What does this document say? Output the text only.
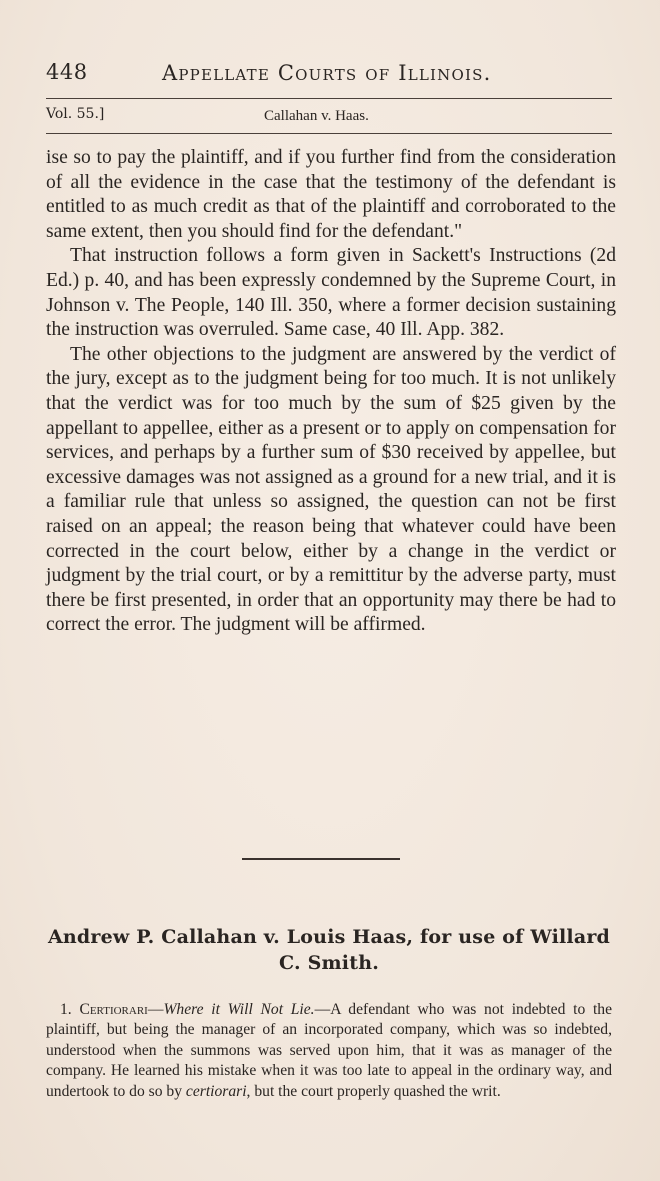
448	Appellate Courts of Illinois.
Vol. 55.]	Callahan v. Haas.

ise so to pay the plaintiff, and if you further find from the consideration of all the evidence in the case that the testimony of the defendant is entitled to as much credit as that of the plaintiff and corroborated to the same extent, then you should find for the defendant."

That instruction follows a form given in Sackett's Instructions (2d Ed.) p. 40, and has been expressly condemned by the Supreme Court, in Johnson v. The People, 140 Ill. 350, where a former decision sustaining the instruction was overruled. Same case, 40 Ill. App. 382.

The other objections to the judgment are answered by the verdict of the jury, except as to the judgment being for too much. It is not unlikely that the verdict was for too much by the sum of $25 given by the appellant to appellee, either as a present or to apply on compensation for services, and perhaps by a further sum of $30 received by appellee, but excessive damages was not assigned as a ground for a new trial, and it is a familiar rule that unless so assigned, the question can not be first raised on an appeal; the reason being that whatever could have been corrected in the court below, either by a change in the verdict or judgment by the trial court, or by a remittitur by the adverse party, must there be first presented, in order that an opportunity may there be had to correct the error. The judgment will be affirmed.

Andrew P. Callahan v. Louis Haas, for use of Willard C. Smith.
1. Certiorari—Where it Will Not Lie.—A defendant who was not indebted to the plaintiff, but being the manager of an incorporated company, which was so indebted, understood when the summons was served upon him, that it was as manager of the company. He learned his mistake when it was too late to appeal in the ordinary way, and undertook to do so by certiorari, but the court properly quashed the writ.
